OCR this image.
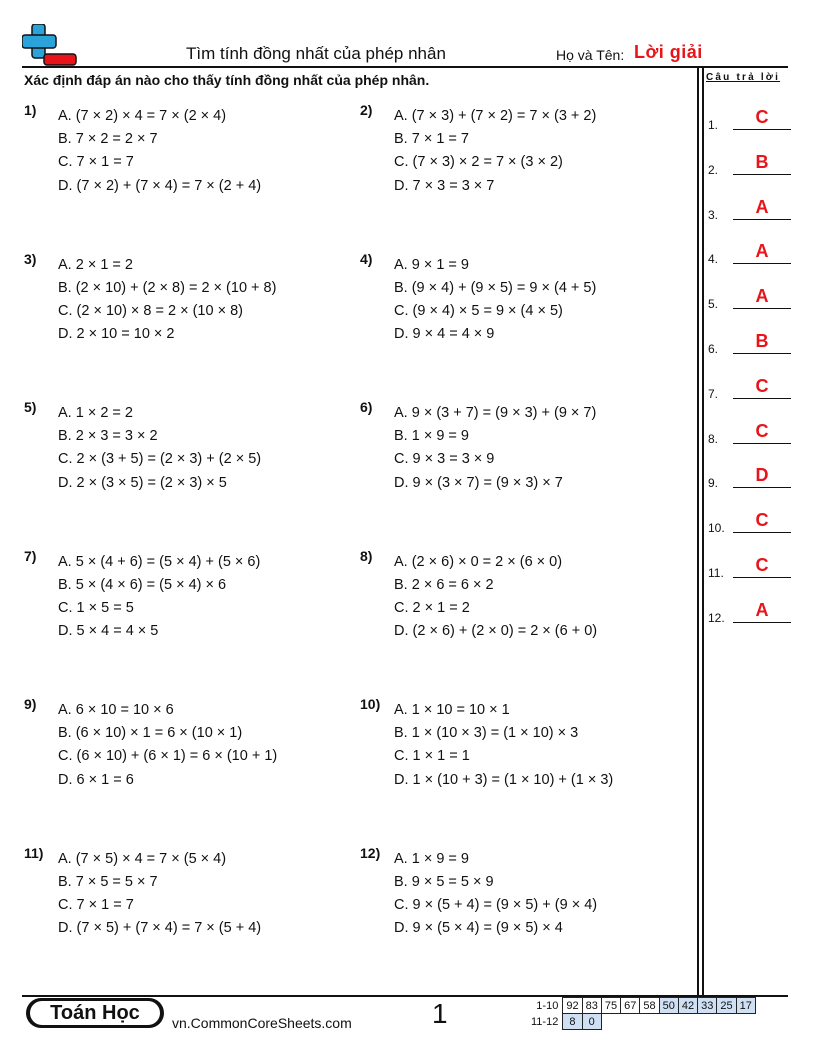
Tìm tính đồng nhất của phép nhân	Họ và Tên: Lời giải
Xác định đáp án nào cho thấy tính đồng nhất của phép nhân.	Câu trả lời
1.	C
2.	B
3.	A
4.	A
5.	A
6.	B
7.	C
8.	C
9.	D
10.	C
11.	C
12.	A
1) A. (7 × 2) × 4 = 7 × (2 × 4)
B. 7 × 2 = 2 × 7
C. 7 × 1 = 7
D. (7 × 2) + (7 × 4) = 7 × (2 + 4)
2) A. (7 × 3) + (7 × 2) = 7 × (3 + 2)
B. 7 × 1 = 7
C. (7 × 3) × 2 = 7 × (3 × 2)
D. 7 × 3 = 3 × 7
3) A. 2 × 1 = 2
B. (2 × 10) + (2 × 8) = 2 × (10 + 8)
C. (2 × 10) × 8 = 2 × (10 × 8)
D. 2 × 10 = 10 × 2
4) A. 9 × 1 = 9
B. (9 × 4) + (9 × 5) = 9 × (4 + 5)
C. (9 × 4) × 5 = 9 × (4 × 5)
D. 9 × 4 = 4 × 9
5) A. 1 × 2 = 2
B. 2 × 3 = 3 × 2
C. 2 × (3 + 5) = (2 × 3) + (2 × 5)
D. 2 × (3 × 5) = (2 × 3) × 5
6) A. 9 × (3 + 7) = (9 × 3) + (9 × 7)
B. 1 × 9 = 9
C. 9 × 3 = 3 × 9
D. 9 × (3 × 7) = (9 × 3) × 7
7) A. 5 × (4 + 6) = (5 × 4) + (5 × 6)
B. 5 × (4 × 6) = (5 × 4) × 6
C. 1 × 5 = 5
D. 5 × 4 = 4 × 5
8) A. (2 × 6) × 0 = 2 × (6 × 0)
B. 2 × 6 = 6 × 2
C. 2 × 1 = 2
D. (2 × 6) + (2 × 0) = 2 × (6 + 0)
9) A. 6 × 10 = 10 × 6
B. (6 × 10) × 1 = 6 × (10 × 1)
C. (6 × 10) + (6 × 1) = 6 × (10 + 1)
D. 6 × 1 = 6
10) A. 1 × 10 = 10 × 1
B. 1 × (10 × 3) = (1 × 10) × 3
C. 1 × 1 = 1
D. 1 × (10 + 3) = (1 × 10) + (1 × 3)
11) A. (7 × 5) × 4 = 7 × (5 × 4)
B. 7 × 5 = 5 × 7
C. 7 × 1 = 7
D. (7 × 5) + (7 × 4) = 7 × (5 + 4)
12) A. 1 × 9 = 9
B. 9 × 5 = 5 × 9
C. 9 × (5 + 4) = (9 × 5) + (9 × 4)
D. 9 × (5 × 4) = (9 × 5) × 4
Toán Học	vn.CommonCoreSheets.com	1	1-10	92	83	75	67	58	50	42	33	25	17
11-12	8	0								
